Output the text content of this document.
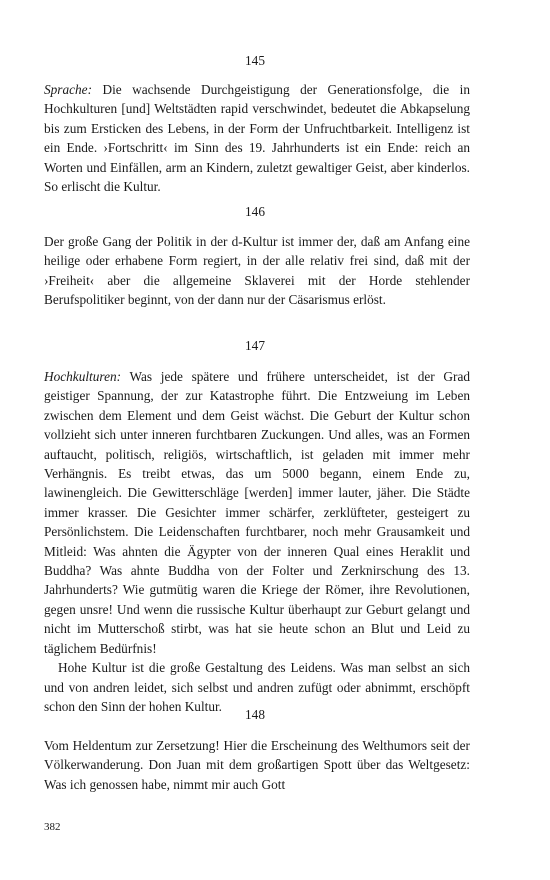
145

Sprache: Die wachsende Durchgeistigung der Generationsfolge, die in Hochkulturen [und] Weltstädten rapid verschwindet, bedeutet die Abkapselung bis zum Ersticken des Lebens, in der Form der Unfruchtbarkeit. Intelligenz ist ein Ende. ›Fortschritt‹ im Sinn des 19. Jahrhunderts ist ein Ende: reich an Worten und Einfällen, arm an Kindern, zuletzt gewaltiger Geist, aber kinderlos. So erlischt die Kultur.

146

Der große Gang der Politik in der d-Kultur ist immer der, daß am Anfang eine heilige oder erhabene Form regiert, in der alle relativ frei sind, daß mit der ›Freiheit‹ aber die allgemeine Sklaverei mit der Horde stehlender Berufspolitiker beginnt, von der dann nur der Cäsarismus erlöst.

147

Hochkulturen: Was jede spätere und frühere unterscheidet, ist der Grad geistiger Spannung, der zur Katastrophe führt. Die Entzweiung im Leben zwischen dem Element und dem Geist wächst. Die Geburt der Kultur schon vollzieht sich unter inneren furchtbaren Zuckungen. Und alles, was an Formen auftaucht, politisch, religiös, wirtschaftlich, ist geladen mit immer mehr Verhängnis. Es treibt etwas, das um 5000 begann, einem Ende zu, lawinengleich. Die Gewitterschläge [werden] immer lauter, jäher. Die Städte immer krasser. Die Gesichter immer schärfer, zerklüfteter, gesteigert zu Persönlichstem. Die Leidenschaften furchtbarer, noch mehr Grausamkeit und Mitleid: Was ahnten die Ägypter von der inneren Qual eines Heraklit und Buddha? Was ahnte Buddha von der Folter und Zerknirschung des 13. Jahrhunderts? Wie gutmütig waren die Kriege der Römer, ihre Revolutionen, gegen unsre! Und wenn die russische Kultur überhaupt zur Geburt gelangt und nicht im Mutterschoß stirbt, was hat sie heute schon an Blut und Leid zu täglichem Bedürfnis!

Hohe Kultur ist die große Gestaltung des Leidens. Was man selbst an sich und von andren leidet, sich selbst und andren zufügt oder abnimmt, erschöpft schon den Sinn der hohen Kultur.

148

Vom Heldentum zur Zersetzung! Hier die Erscheinung des Welthumors seit der Völkerwanderung. Don Juan mit dem großartigen Spott über das Weltgesetz: Was ich genossen habe, nimmt mir auch Gott

382
